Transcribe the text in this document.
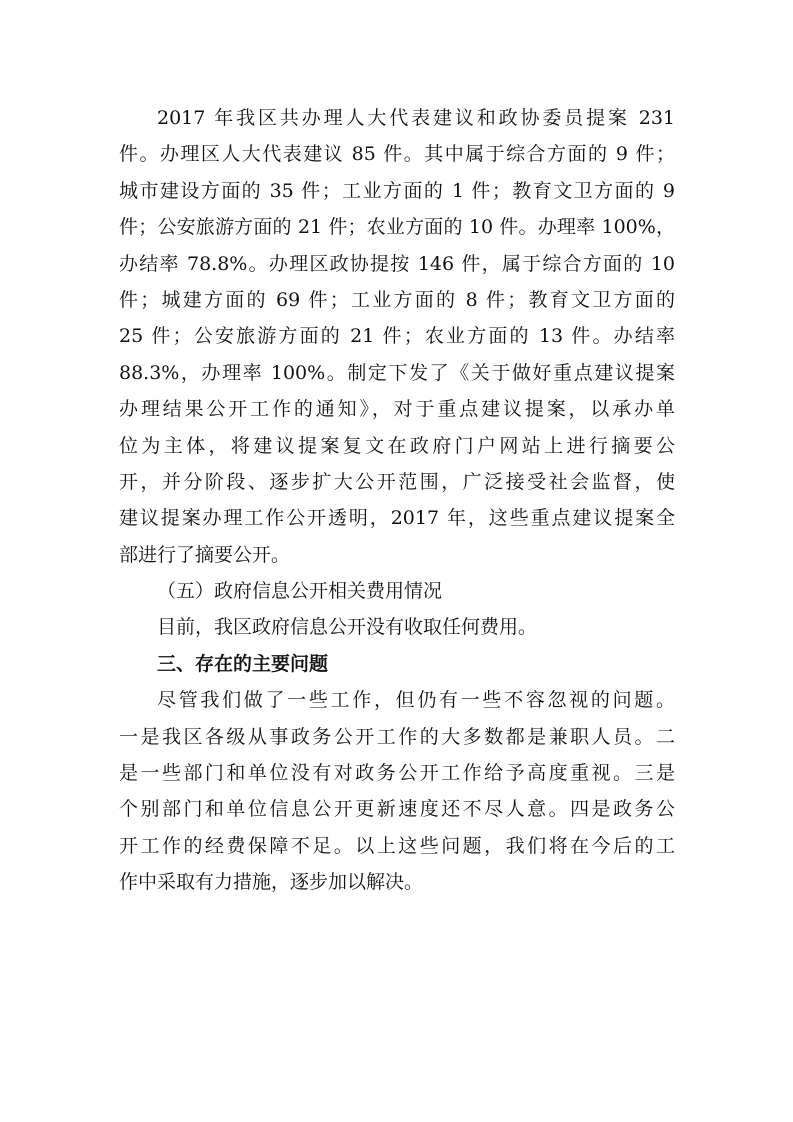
2017 年我区共办理人大代表建议和政协委员提案 231
件。办理区人大代表建议 85 件。其中属于综合方面的 9 件；
城市建设方面的 35 件；工业方面的 1 件；教育文卫方面的 9
件；公安旅游方面的 21 件；农业方面的 10 件。办理率 100%，
办结率 78.8%。办理区政协提按 146 件，属于综合方面的 10
件；城建方面的 69 件；工业方面的 8 件；教育文卫方面的
25 件；公安旅游方面的 21 件；农业方面的 13 件。办结率
88.3%，办理率 100%。制定下发了《关于做好重点建议提案
办理结果公开工作的通知》，对于重点建议提案，以承办单
位为主体，将建议提案复文在政府门户网站上进行摘要公
开，并分阶段、逐步扩大公开范围，广泛接受社会监督，使
建议提案办理工作公开透明，2017 年，这些重点建议提案全
部进行了摘要公开。
（五）政府信息公开相关费用情况
目前，我区政府信息公开没有收取任何费用。
三、存在的主要问题
尽管我们做了一些工作，但仍有一些不容忽视的问题。
一是我区各级从事政务公开工作的大多数都是兼职人员。二
是一些部门和单位没有对政务公开工作给予高度重视。三是
个别部门和单位信息公开更新速度还不尽人意。四是政务公
开工作的经费保障不足。以上这些问题，我们将在今后的工
作中采取有力措施，逐步加以解决。
